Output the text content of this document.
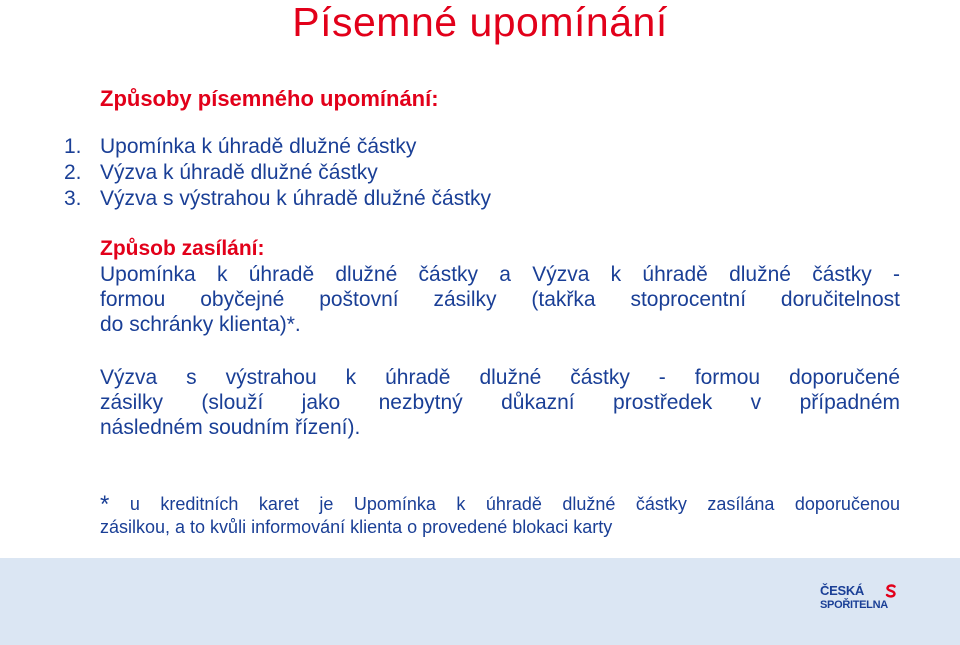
Písemné upomínání
Způsoby písemného upomínání:
1. Upomínka k úhradě dlužné částky
2. Výzva k úhradě dlužné částky
3. Výzva s výstrahou k úhradě dlužné částky
Způsob zasílání:
Upomínka k úhradě dlužné částky a Výzva k úhradě dlužné částky -
formou obyčejné poštovní zásilky (takřka stoprocentní doručitelnost
do schránky klienta)*.
Výzva s výstrahou k úhradě dlužné částky - formou doporučené
zásilky (slouží jako nezbytný důkazní prostředek v případném
následném soudním řízení).
* u kreditních karet je Upomínka k úhradě dlužné částky zasílána doporučenou
zásilkou, a to kvůli informování klienta o provedené blokaci karty
ČESKÁ
SPOŘITELNA
